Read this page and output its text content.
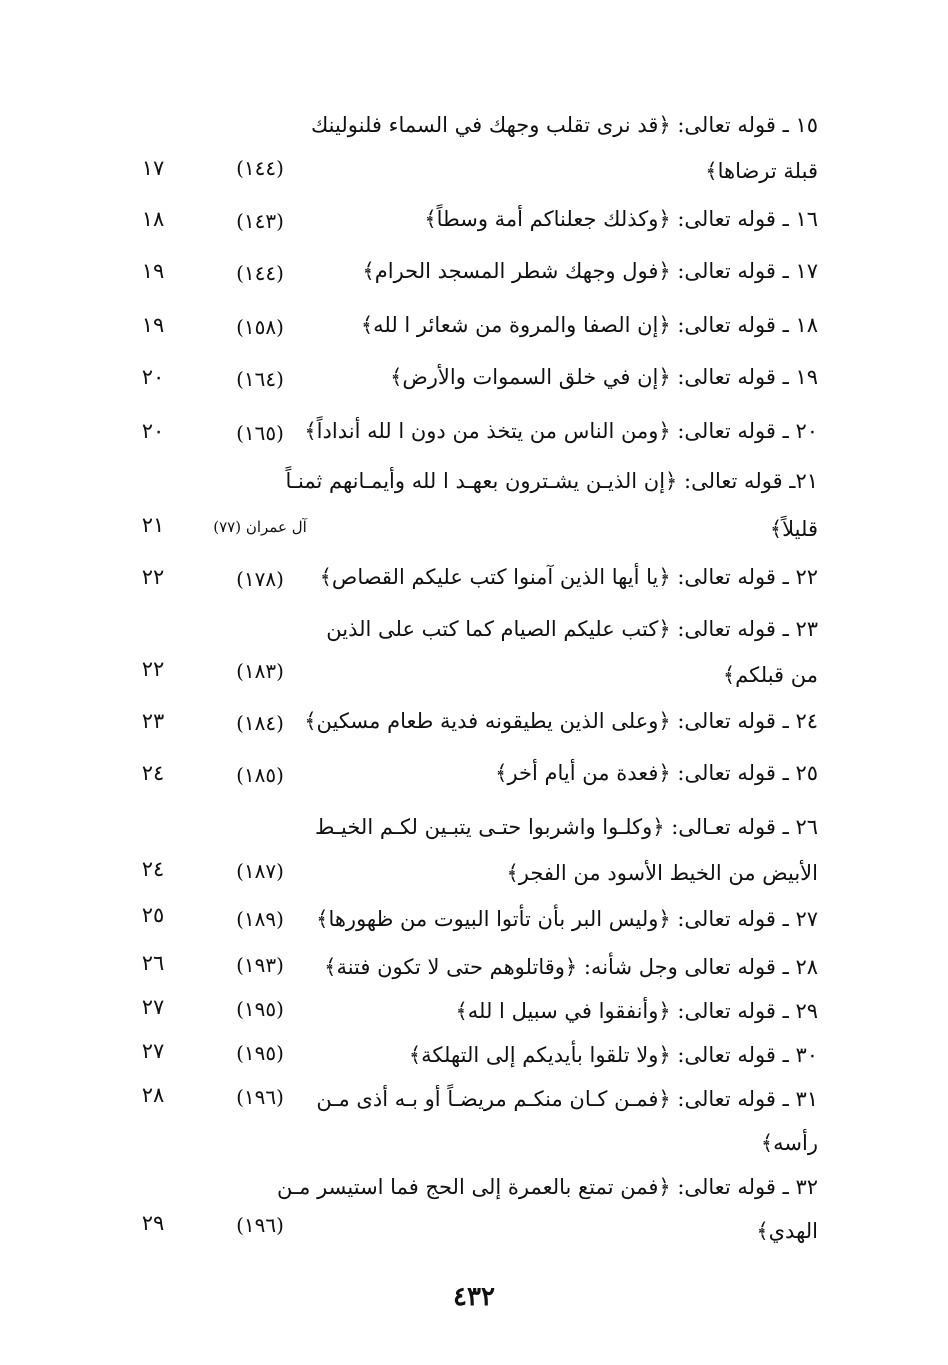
١٥ ـ قوله تعالى: ﴿قد نرى تقلب وجهك في السماء فلنولينك
قبلة ترضاها﴾
(١٤٤)
١٧
١٦ ـ قوله تعالى: ﴿وكذلك جعلناكم أمة وسطاً﴾
(١٤٣)
١٨
١٧ ـ قوله تعالى: ﴿فول وجهك شطر المسجد الحرام﴾
(١٤٤)
١٩
١٨ ـ قوله تعالى: ﴿إن الصفا والمروة من شعائر ا لله﴾
(١٥٨)
١٩
١٩ ـ قوله تعالى: ﴿إن في خلق السموات والأرض﴾
(١٦٤)
٢٠
٢٠ ـ قوله تعالى: ﴿ومن الناس من يتخذ من دون ا لله أنداداً﴾
(١٦٥)
٢٠
٢١ـ قوله تعالى: ﴿إن الذيـن يشـترون بعهـد ا لله وأيمـانهم ثمنـاً
قليلاً﴾
آل عمران (٧٧)
٢١
٢٢ ـ قوله تعالى: ﴿يا أيها الذين آمنوا كتب عليكم القصاص﴾
(١٧٨)
٢٢
٢٣ ـ قوله تعالى: ﴿كتب عليكم الصيام كما كتب على الذين
من قبلكم﴾
(١٨٣)
٢٢
٢٤ ـ قوله تعالى: ﴿وعلى الذين يطيقونه فدية طعام مسكين﴾
(١٨٤)
٢٣
٢٥ ـ قوله تعالى: ﴿فعدة من أيام أخر﴾
(١٨٥)
٢٤
٢٦ ـ قوله تعـالى: ﴿وكلـوا واشربوا حتـى يتبـين لكـم الخيـط
الأبيض من الخيط الأسود من الفجر﴾
(١٨٧)
٢٤
٢٧ ـ قوله تعالى: ﴿وليس البر بأن تأتوا البيوت من ظهورها﴾
(١٨٩)
٢٥
٢٨ ـ قوله تعالى وجل شأنه: ﴿وقاتلوهم حتى لا تكون فتنة﴾
(١٩٣)
٢٦
٢٩ ـ قوله تعالى: ﴿وأنفقوا في سبيل ا لله﴾
(١٩٥)
٢٧
٣٠ ـ قوله تعالى: ﴿ولا تلقوا بأيديكم إلى التهلكة﴾
(١٩٥)
٢٧
٣١ ـ قوله تعالى: ﴿فمـن كـان منكـم مريضـاً أو بـه أذى مـن
رأسه﴾
(١٩٦)
٢٨
٣٢ ـ قوله تعالى: ﴿فمن تمتع بالعمرة إلى الحج فما استيسر مـن
الهدي﴾
(١٩٦)
٢٩
٤٣٢
